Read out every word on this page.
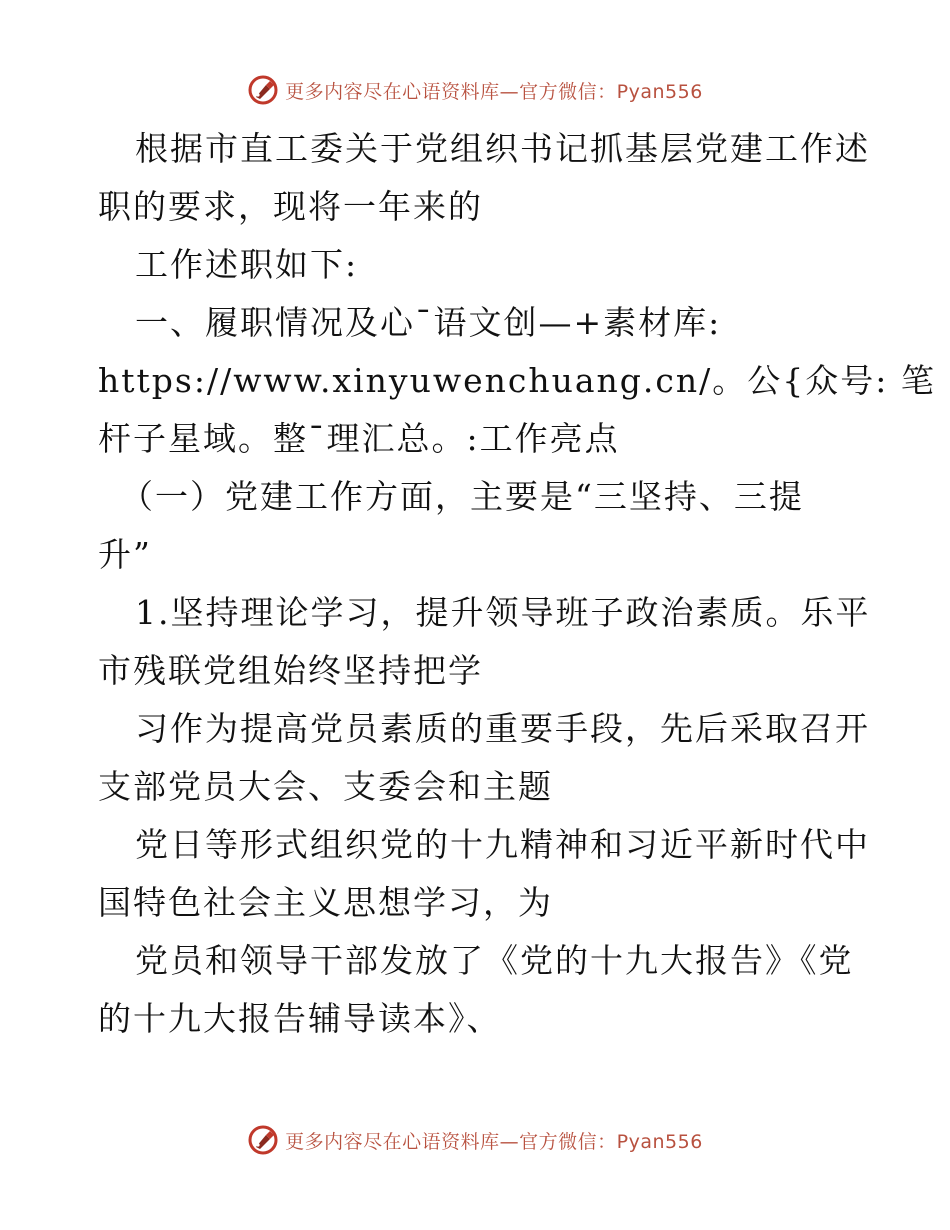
更多内容尽在心语资料库—官方微信：Pyan556
根据市直工委关于党组织书记抓基层党建工作述
职的要求，现将一年来的
工作述职如下:
一、履职情况及心¯语文创—+素材库:
https://www.xinyuwenchuang.cn/。公{众号: 笔
杆子星域。整¯理汇总。:工作亮点
（一）党建工作方面，主要是“三坚持、三提
升”
1.坚持理论学习，提升领导班子政治素质。乐平
市残联党组始终坚持把学
习作为提高党员素质的重要手段，先后采取召开
支部党员大会、支委会和主题
党日等形式组织党的十九精神和习近平新时代中
国特色社会主义思想学习，为
党员和领导干部发放了《党的十九大报告》《党
的十九大报告辅导读本》、
更多内容尽在心语资料库—官方微信：Pyan556
